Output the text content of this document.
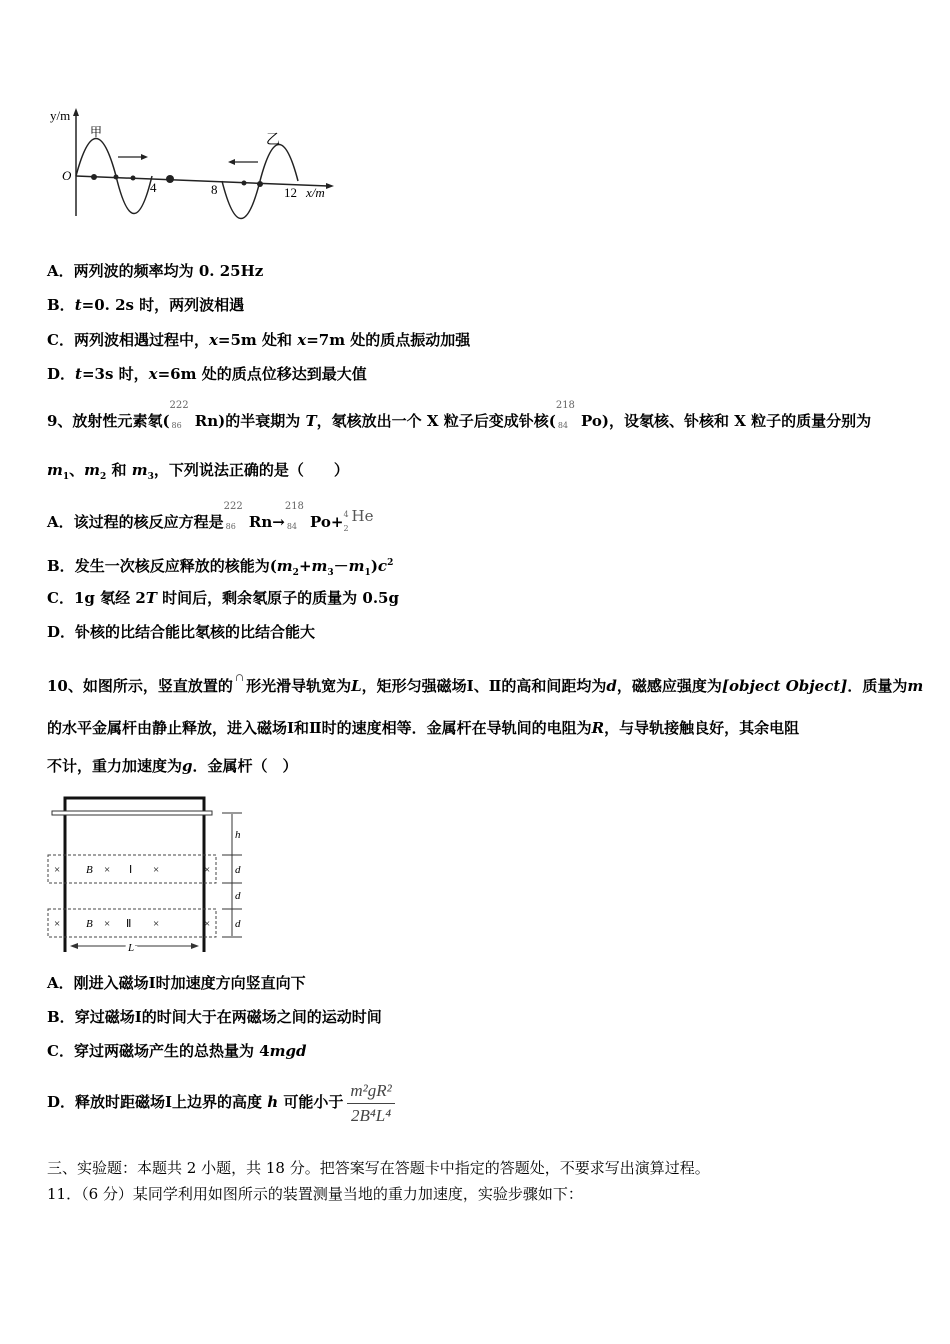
y/m
x/m
O
甲
乙
4	8	12
A．两列波的频率均为 0. 25Hz
B．t=0. 2s 时，两列波相遇
C．两列波相遇过程中，x=5m 处和 x=7m 处的质点振动加强
D．t=3s 时，x=6m 处的质点位移达到最大值
9、放射性元素氡(
222
86 Rn)的半衰期为 T，氡核放出一个 X 粒子后变成钋核(
218
84 Po)，设氡核、钋核和 X 粒子的质量分别为
$m_1$、$m_2$ 和 $m_3$，下列说法正确的是（　　）
A．该过程的核反应方程是
222
86 Rn→
218
84 Po+ 4
2
He
B．发生一次核反应释放的核能为$(m_2+m_3-m_1)c^2$
C．1g 氡经 2T 时间后，剩余氡原子的质量为 0.5g
D．钋核的比结合能比氡核的比结合能大
10、如图所示，竖直放置的 ∩ 形光滑导轨宽为L，矩形匀强磁场Ⅰ、Ⅱ的高和间距均为d，磁感应强度为[object Object]．质量为m
的水平金属杆由静止释放，进入磁场Ⅰ和Ⅱ时的速度相等．金属杆在导轨间的电阻为R，与导轨接触良好，其余电阻
不计，重力加速度为g．金属杆（　）
× B × Ⅰ ×	×
× B × Ⅱ ×	×
h
d
d
d
L
A．刚进入磁场Ⅰ时加速度方向竖直向下
B．穿过磁场Ⅰ的时间大于在两磁场之间的运动时间
C．穿过两磁场产生的总热量为 4mgd
D．释放时距磁场Ⅰ上边界的高度 h 可能小于 $\frac{\text{m²gR²}}{\text{2B⁴L⁴}}$
三、实验题：本题共 2 小题，共 18 分。把答案写在答题卡中指定的答题处，不要求写出演算过程。
11．（6 分）某同学利用如图所示的装置测量当地的重力加速度，实验步骤如下：
